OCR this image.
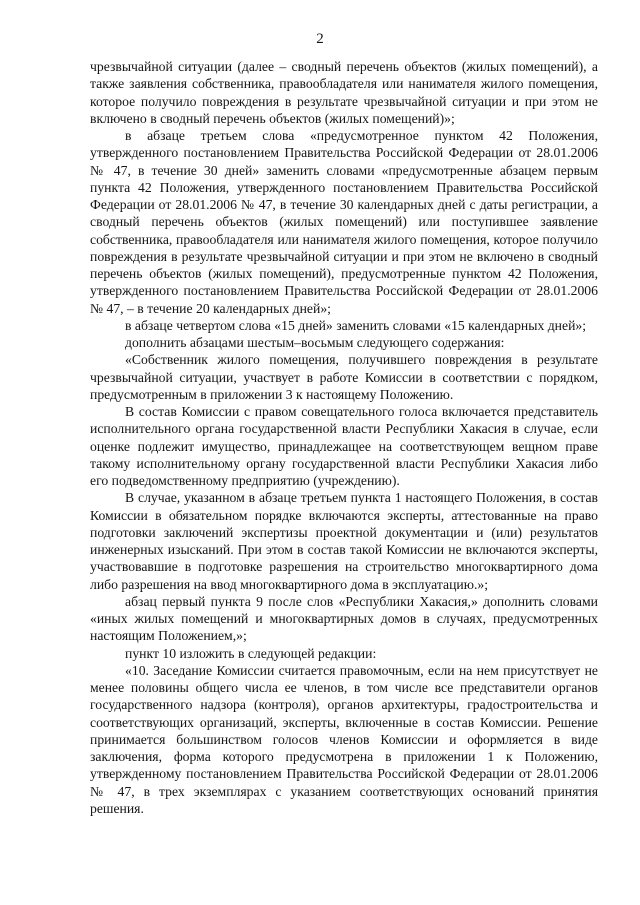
2

чрезвычайной ситуации (далее – сводный перечень объектов (жилых помещений), а также заявления собственника, правообладателя или нанимателя жилого помещения, которое получило повреждения в результате чрезвычайной ситуации и при этом не включено в сводный перечень объектов (жилых помещений)»;

в абзаце третьем слова «предусмотренное пунктом 42 Положения, утвержденного постановлением Правительства Российской Федерации от 28.01.2006 № 47, в течение 30 дней» заменить словами «предусмотренные абзацем первым пункта 42 Положения, утвержденного постановлением Правительства Российской Федерации от 28.01.2006 № 47, в течение 30 календарных дней с даты регистрации, а сводный перечень объектов (жилых помещений) или поступившее заявление собственника, правообладателя или нанимателя жилого помещения, которое получило повреждения в результате чрезвычайной ситуации и при этом не включено в сводный перечень объектов (жилых помещений), предусмотренные пунктом 42 Положения, утвержденного постановлением Правительства Российской Федерации от 28.01.2006 № 47, – в течение 20 календарных дней»;

в абзаце четвертом слова «15 дней» заменить словами «15 календарных дней»;

дополнить абзацами шестым–восьмым следующего содержания:

«Собственник жилого помещения, получившего повреждения в результате чрезвычайной ситуации, участвует в работе Комиссии в соответствии с порядком, предусмотренным в приложении 3 к настоящему Положению.

В состав Комиссии с правом совещательного голоса включается представитель исполнительного органа государственной власти Республики Хакасия в случае, если оценке подлежит имущество, принадлежащее на соответствующем вещном праве такому исполнительному органу государственной власти Республики Хакасия либо его подведомственному предприятию (учреждению).

В случае, указанном в абзаце третьем пункта 1 настоящего Положения, в состав Комиссии в обязательном порядке включаются эксперты, аттестованные на право подготовки заключений экспертизы проектной документации и (или) результатов инженерных изысканий. При этом в состав такой Комиссии не включаются эксперты, участвовавшие в подготовке разрешения на строительство многоквартирного дома либо разрешения на ввод многоквартирного дома в эксплуатацию.»;

абзац первый пункта 9 после слов «Республики Хакасия,» дополнить словами «иных жилых помещений и многоквартирных домов в случаях, предусмотренных настоящим Положением,»;

пункт 10 изложить в следующей редакции:

«10. Заседание Комиссии считается правомочным, если на нем присутствует не менее половины общего числа ее членов, в том числе все представители органов государственного надзора (контроля), органов архитектуры, градостроительства и соответствующих организаций, эксперты, включенные в состав Комиссии. Решение принимается большинством голосов членов Комиссии и оформляется в виде заключения, форма которого предусмотрена в приложении 1 к Положению, утвержденному постановлением Правительства Российской Федерации от 28.01.2006 № 47, в трех экземплярах с указанием соответствующих оснований принятия решения.
